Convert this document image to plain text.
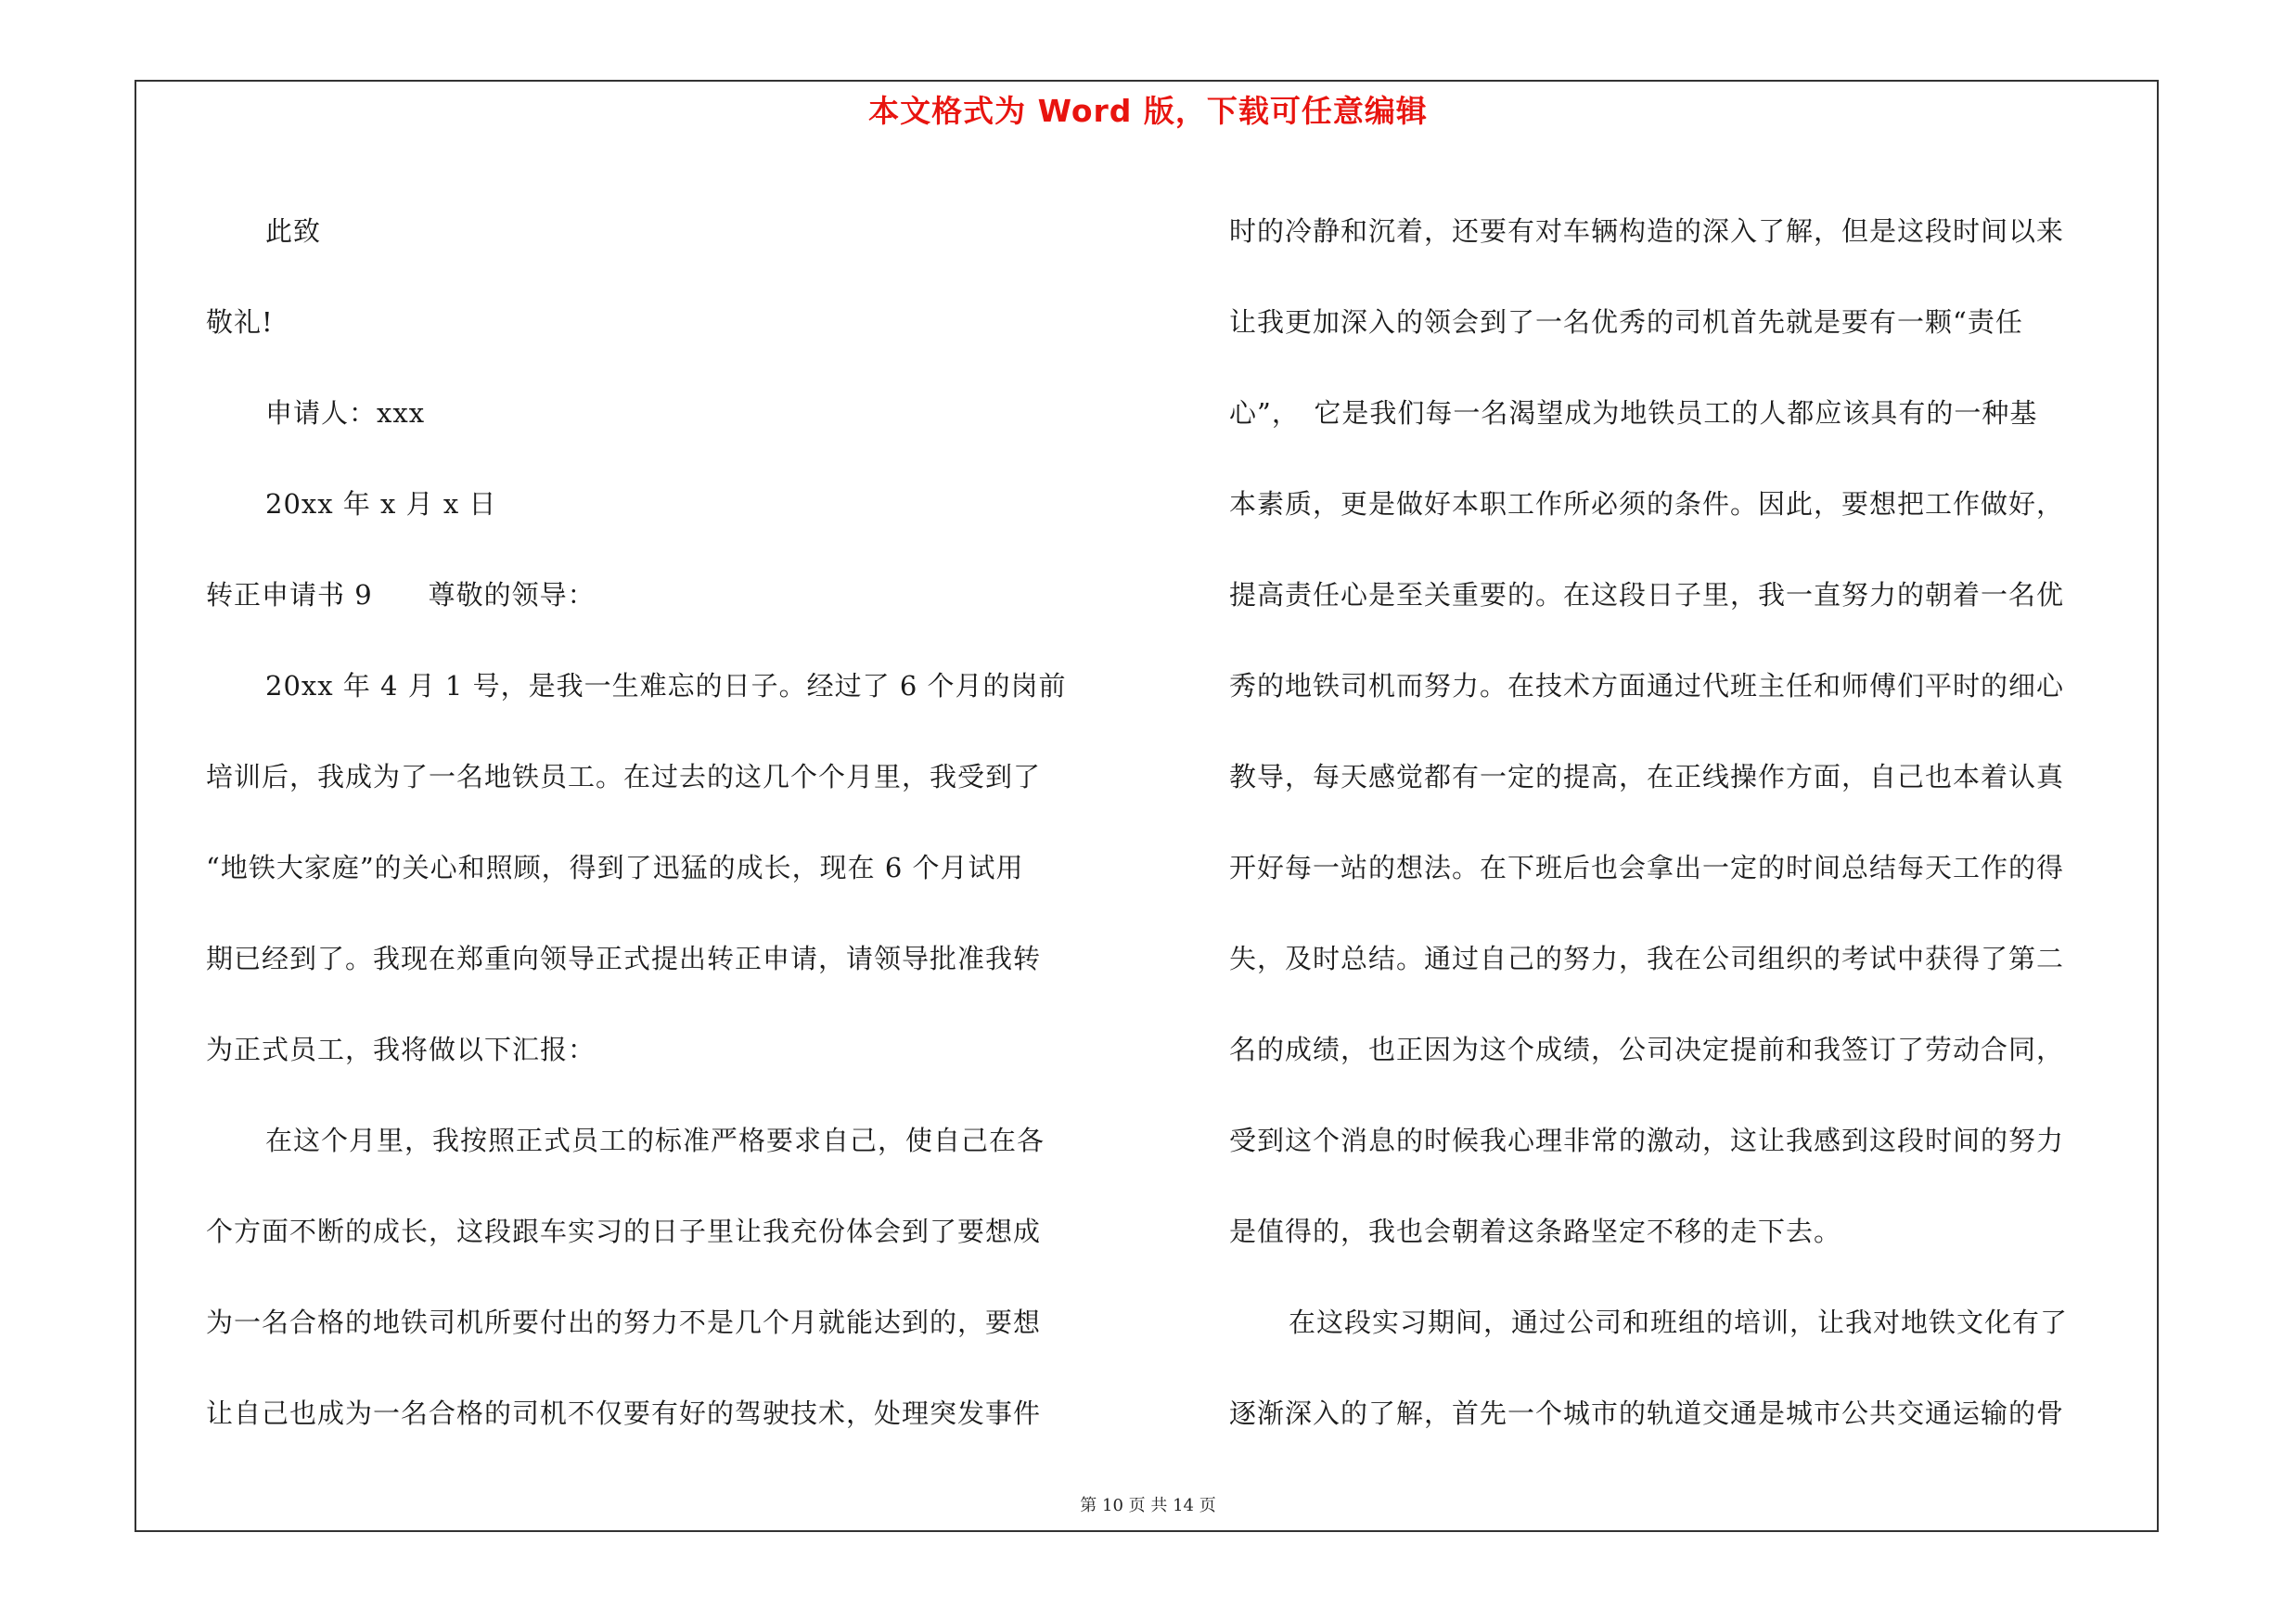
本文格式为 Word 版，下载可任意编辑

此致

敬礼!

申请人：xxx

20xx 年 x 月 x 日

转正申请书 9　　尊敬的领导：

20xx 年 4 月 1 号，是我一生难忘的日子。经过了 6 个月的岗前

培训后，我成为了一名地铁员工。在过去的这几个个月里，我受到了

“地铁大家庭”的关心和照顾，得到了迅猛的成长，现在 6 个月试用

期已经到了。我现在郑重向领导正式提出转正申请，请领导批准我转

为正式员工，我将做以下汇报：

在这个月里，我按照正式员工的标准严格要求自己，使自己在各

个方面不断的成长，这段跟车实习的日子里让我充份体会到了要想成

为一名合格的地铁司机所要付出的努力不是几个月就能达到的，要想

让自己也成为一名合格的司机不仅要有好的驾驶技术，处理突发事件

时的冷静和沉着，还要有对车辆构造的深入了解，但是这段时间以来

让我更加深入的领会到了一名优秀的司机首先就是要有一颗“责任

心”，　它是我们每一名渴望成为地铁员工的人都应该具有的一种基

本素质，更是做好本职工作所必须的条件。因此，要想把工作做好，

提高责任心是至关重要的。在这段日子里，我一直努力的朝着一名优

秀的地铁司机而努力。在技术方面通过代班主任和师傅们平时的细心

教导，每天感觉都有一定的提高，在正线操作方面，自己也本着认真

开好每一站的想法。在下班后也会拿出一定的时间总结每天工作的得

失，及时总结。通过自己的努力，我在公司组织的考试中获得了第二

名的成绩，也正因为这个成绩，公司决定提前和我签订了劳动合同，

受到这个消息的时候我心理非常的激动，这让我感到这段时间的努力

是值得的，我也会朝着这条路坚定不移的走下去。

在这段实习期间，通过公司和班组的培训，让我对地铁文化有了

逐渐深入的了解，首先一个城市的轨道交通是城市公共交通运输的骨

第 10 页 共 14 页
